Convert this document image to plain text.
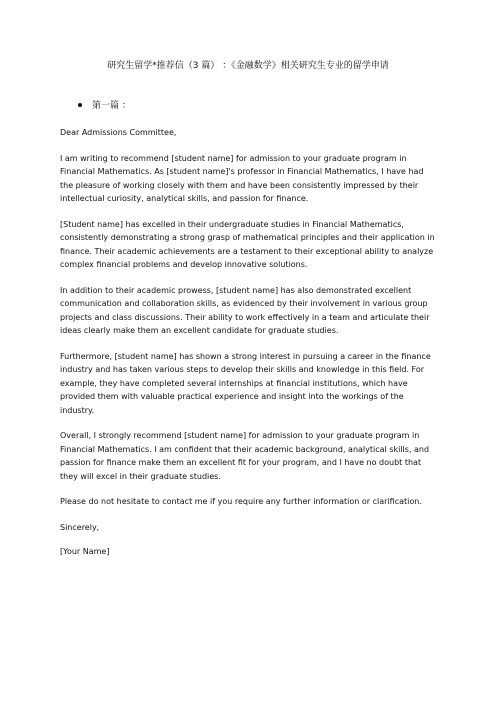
研究生留学*推荐信（3 篇） ：《金融数学》相关研究生专业的留学申请
第一篇 ：

Dear Admissions Committee,

I am writing to recommend [student name] for admission to your graduate program in Financial Mathematics. As [student name]'s professor in Financial Mathematics, I have had the pleasure of working closely with them and have been consistently impressed by their intellectual curiosity, analytical skills, and passion for finance.

[Student name] has excelled in their undergraduate studies in Financial Mathematics, consistently demonstrating a strong grasp of mathematical principles and their application in finance. Their academic achievements are a testament to their exceptional ability to analyze complex financial problems and develop innovative solutions.

In addition to their academic prowess, [student name] has also demonstrated excellent communication and collaboration skills, as evidenced by their involvement in various group projects and class discussions. Their ability to work effectively in a team and articulate their ideas clearly make them an excellent candidate for graduate studies.

Furthermore, [student name] has shown a strong interest in pursuing a career in the finance industry and has taken various steps to develop their skills and knowledge in this field. For example, they have completed several internships at financial institutions, which have provided them with valuable practical experience and insight into the workings of the industry.

Overall, I strongly recommend [student name] for admission to your graduate program in Financial Mathematics. I am confident that their academic background, analytical skills, and passion for finance make them an excellent fit for your program, and I have no doubt that they will excel in their graduate studies.

Please do not hesitate to contact me if you require any further information or clarification.

Sincerely,

[Your Name]
